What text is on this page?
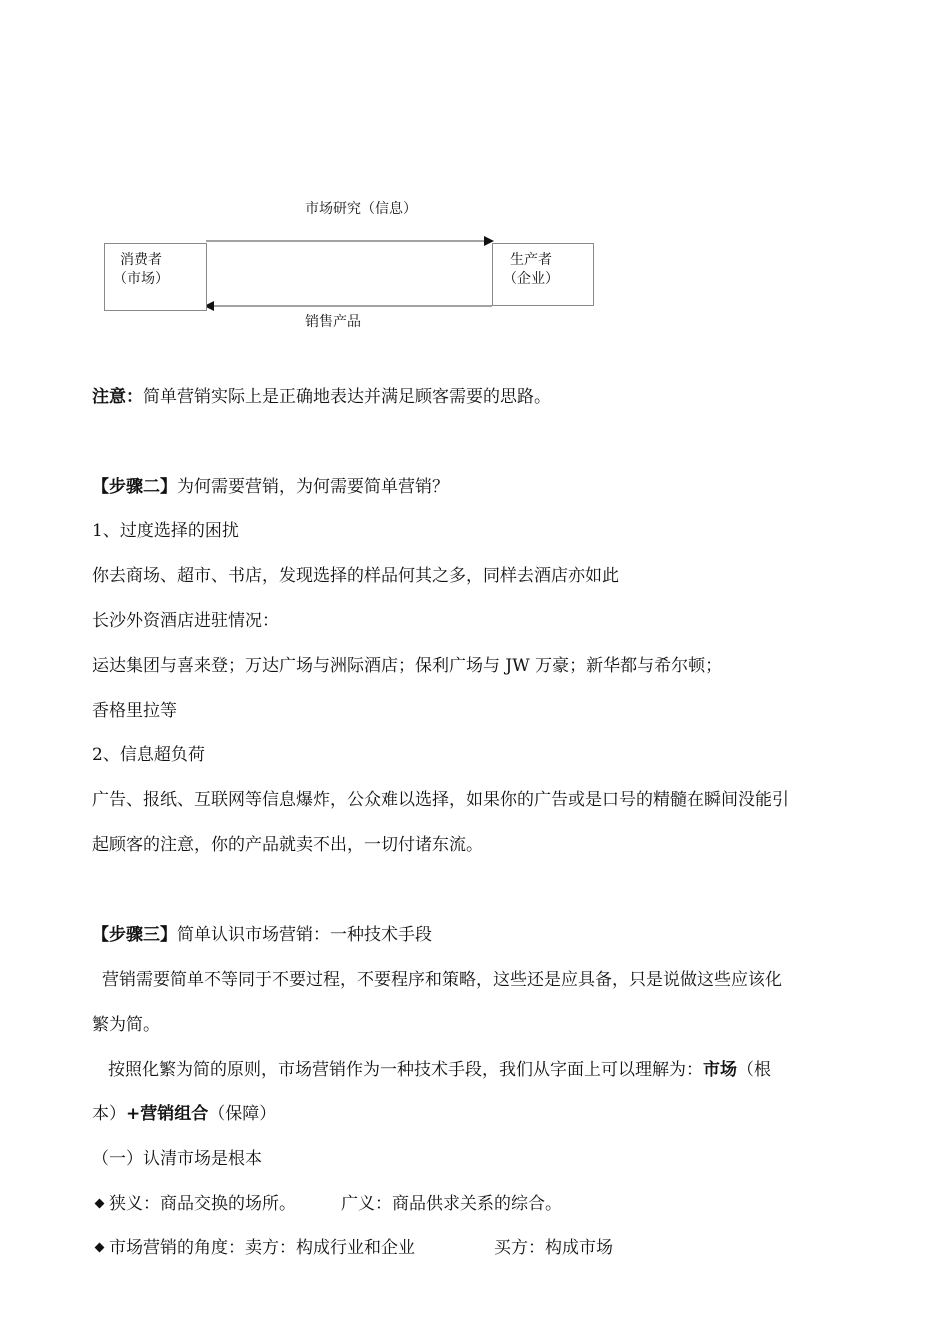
市场研究（信息）
消费者
（市场）
生产者
（企业）
销售产品
注意：简单营销实际上是正确地表达并满足顾客需要的思路。
【步骤二】为何需要营销，为何需要简单营销？
1、过度选择的困扰
你去商场、超市、书店，发现选择的样品何其之多，同样去酒店亦如此
长沙外资酒店进驻情况：
运达集团与喜来登；万达广场与洲际酒店；保利广场与 JW 万豪；新华都与希尔顿；
香格里拉等
2、信息超负荷
广告、报纸、互联网等信息爆炸，公众难以选择，如果你的广告或是口号的精髓在瞬间没能引
起顾客的注意，你的产品就卖不出，一切付诸东流。
【步骤三】简单认识市场营销：一种技术手段
营销需要简单不等同于不要过程，不要程序和策略，这些还是应具备，只是说做这些应该化
繁为简。
按照化繁为简的原则，市场营销作为一种技术手段，我们从字面上可以理解为：市场（根
本）+营销组合（保障）
（一）认清市场是根本
狭义：商品交换的场所。	广义：商品供求关系的综合。
市场营销的角度：卖方：构成行业和企业	买方：构成市场
